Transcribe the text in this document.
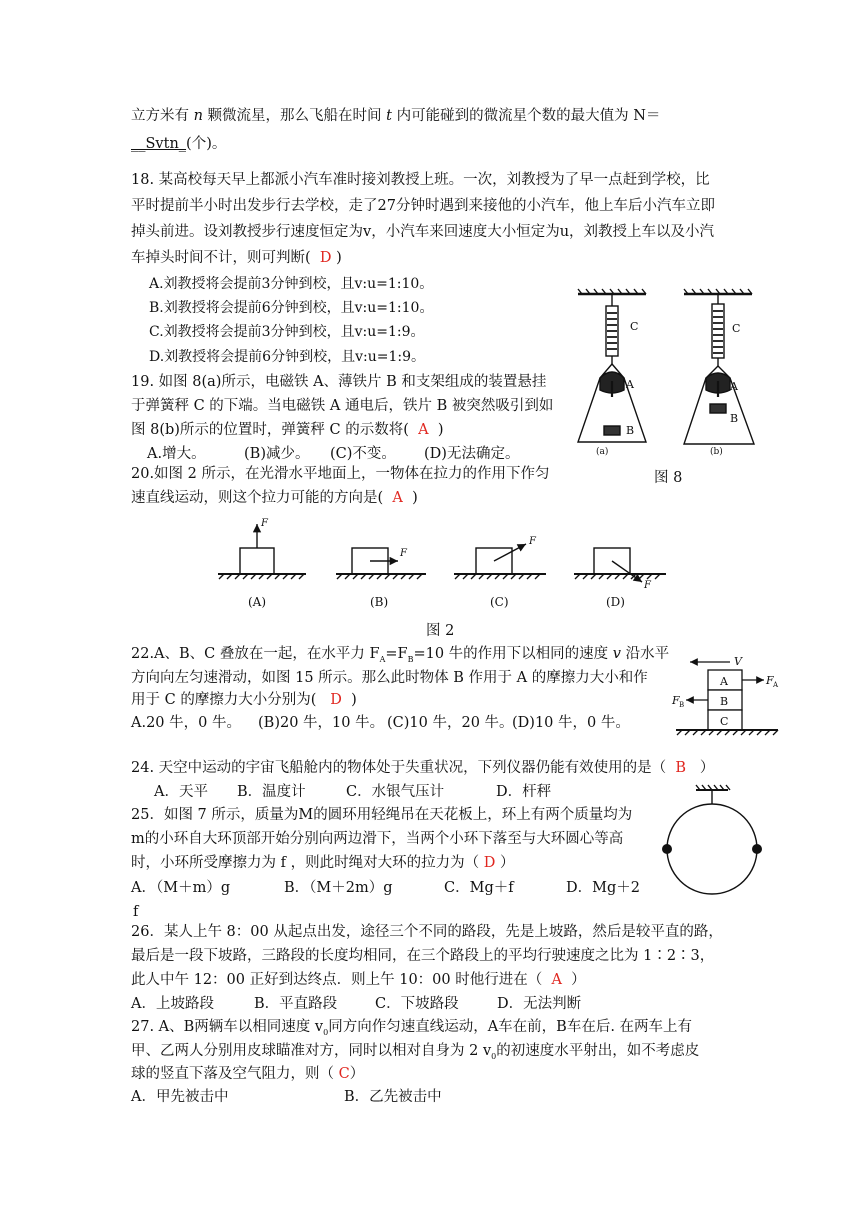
立方米有 n 颗微流星，那么飞船在时间 t 内可能碰到的微流星个数的最大值为 N＝
__Svtn_(个)。
18. 某高校每天早上都派小汽车准时接刘教授上班。一次，刘教授为了早一点赶到学校，比
平时提前半小时出发步行去学校，走了27分钟时遇到来接他的小汽车，他上车后小汽车立即
掉头前进。设刘教授步行速度恒定为v，小汽车来回速度大小恒定为u，刘教授上车以及小汽
车掉头时间不计，则可判断( D )
A.刘教授将会提前3分钟到校，且v:u=1:10。
B.刘教授将会提前6分钟到校，且v:u=1:10。
C.刘教授将会提前3分钟到校，且v:u=1:9。
D.刘教授将会提前6分钟到校，且v:u=1:9。
19. 如图 8(a)所示，电磁铁 A、薄铁片 B 和支架组成的装置悬挂
于弹簧秤 C 的下端。当电磁铁 A 通电后，铁片 B 被突然吸引到如
图 8(b)所示的位置时，弹簧秤 C 的示数将( A )
A.增大。	(B)减少。 (C)不变。 (D)无法确定。
C
A
B
C
A
B
(a)	(b)
图 8
20.如图 2 所示，在光滑水平地面上，一物体在拉力的作用下作匀
速直线运动，则这个拉力可能的方向是( A )
F
F
F
F
(A)	(B)	(C)	(D)
图 2
22.A、B、C 叠放在一起，在水平力 $F_A=F_B=10$ 牛的作用下以相同的速度 v 沿水平
方向向左匀速滑动，如图 15 所示。那么此时物体 B 作用于 A 的摩擦力大小和作
用于 C 的摩擦力大小分别为( D )
A.20 牛，0 牛。 (B)20 牛，10 牛。 (C)10 牛，20 牛。
(D)10 牛，0 牛。
V
A
B
C
F A
F B
24. 天空中运动的宇宙飞船舱内的物体处于失重状况，下列仪器仍能有效使用的是（ B ）
A．天平 B．温度计	C．水银气压计	D．杆秤
25．如图 7 所示，质量为M的圆环用轻绳吊在天花板上，环上有两个质量均为
m的小环自大环顶部开始分别向两边滑下，当两个小环下落至与大环圆心等高
时，小环所受摩擦力为 f ，则此时绳对大环的拉力为（ D ）
A．（M＋m）g	B．（M＋2m）g	C．Mg＋f	D．Mg＋2
f
26．某人上午 8：00 从起点出发，途径三个不同的路段，先是上坡路，然后是较平直的路，
最后是一段下坡路，三路段的长度均相同，在三个路段上的平均行驶速度之比为 1∶2∶3，
此人中午 12：00 正好到达终点．则上午 10：00 时他行进在（ A ）
A．上坡路段	B．平直路段	C．下坡路段	D．无法判断
27. A、B两辆车以相同速度 $v_0$同方向作匀速直线运动，A车在前，B车在后. 在两车上有
甲、乙两人分别用皮球瞄准对方，同时以相对自身为 2 $v_0$的初速度水平射出，如不考虑皮
球的竖直下落及空气阻力，则（ C）
A．甲先被击中	B．乙先被击中
